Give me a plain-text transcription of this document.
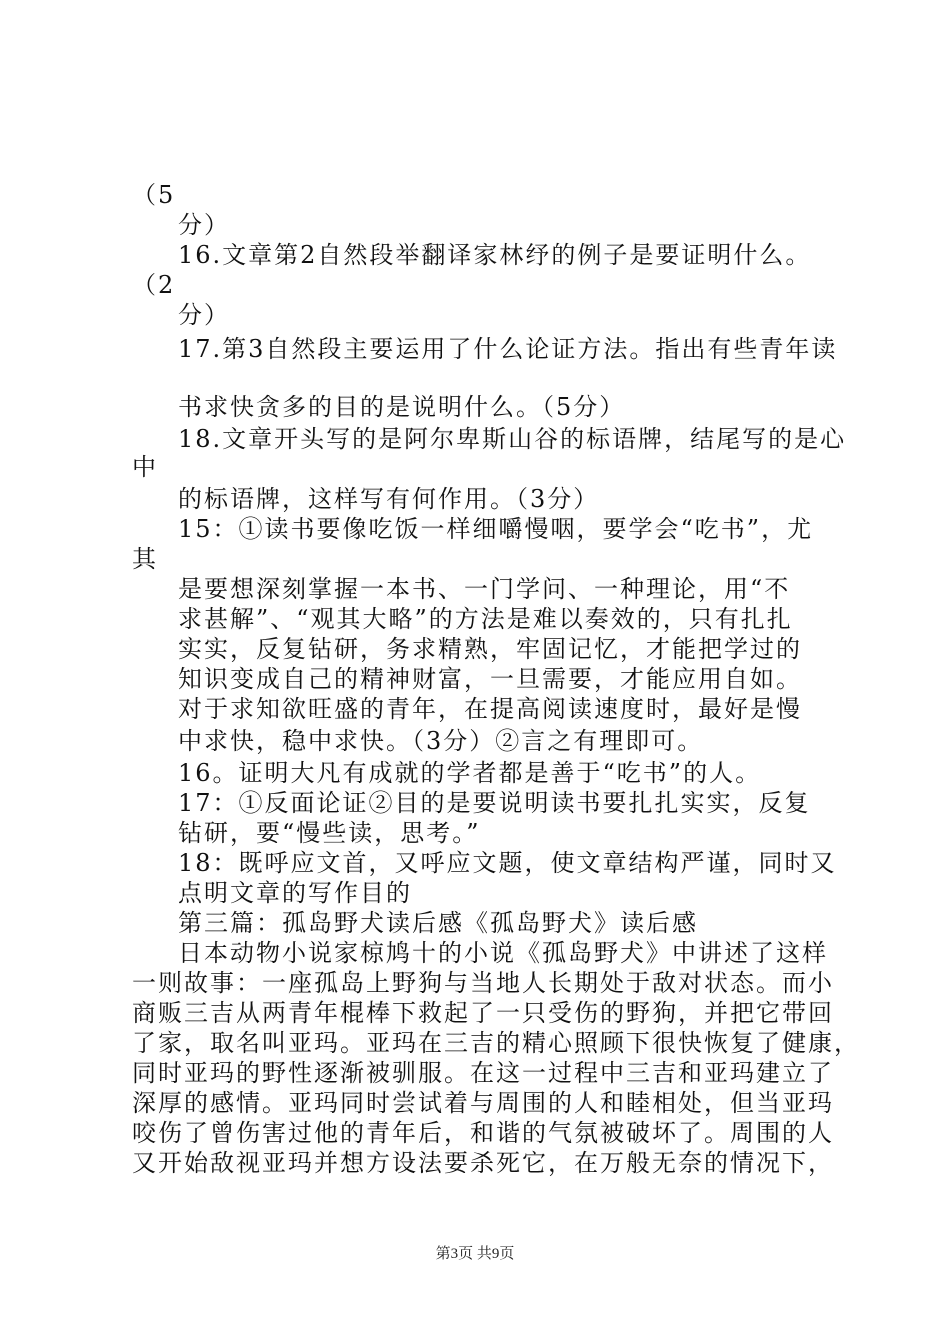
（5
分）
16.文章第2自然段举翻译家林纾的例子是要证明什么。
（2
分）
17.第3自然段主要运用了什么论证方法。指出有些青年读
书求快贪多的目的是说明什么。（5分）
18.文章开头写的是阿尔卑斯山谷的标语牌，结尾写的是心
中
的标语牌，这样写有何作用。（3分）
15：①读书要像吃饭一样细嚼慢咽，要学会“吃书”，尤
其
是要想深刻掌握一本书、一门学问、一种理论，用“不
求甚解”、“观其大略”的方法是难以奏效的，只有扎扎
实实，反复钻研，务求精熟，牢固记忆，才能把学过的
知识变成自己的精神财富，一旦需要，才能应用自如。
对于求知欲旺盛的青年，在提高阅读速度时，最好是慢
中求快，稳中求快。（3分）②言之有理即可。
16。证明大凡有成就的学者都是善于“吃书”的人。
17：①反面论证②目的是要说明读书要扎扎实实，反复
钻研，要“慢些读，思考。”
18：既呼应文首，又呼应文题，使文章结构严谨，同时又
点明文章的写作目的
第三篇：孤岛野犬读后感《孤岛野犬》读后感
日本动物小说家椋鸠十的小说《孤岛野犬》中讲述了这样
一则故事：一座孤岛上野狗与当地人长期处于敌对状态。而小
商贩三吉从两青年棍棒下救起了一只受伤的野狗，并把它带回
了家，取名叫亚玛。亚玛在三吉的精心照顾下很快恢复了健康，
同时亚玛的野性逐渐被驯服。在这一过程中三吉和亚玛建立了
深厚的感情。亚玛同时尝试着与周围的人和睦相处，但当亚玛
咬伤了曾伤害过他的青年后，和谐的气氛被破坏了。周围的人
又开始敌视亚玛并想方设法要杀死它，在万般无奈的情况下，
第3页 共9页
